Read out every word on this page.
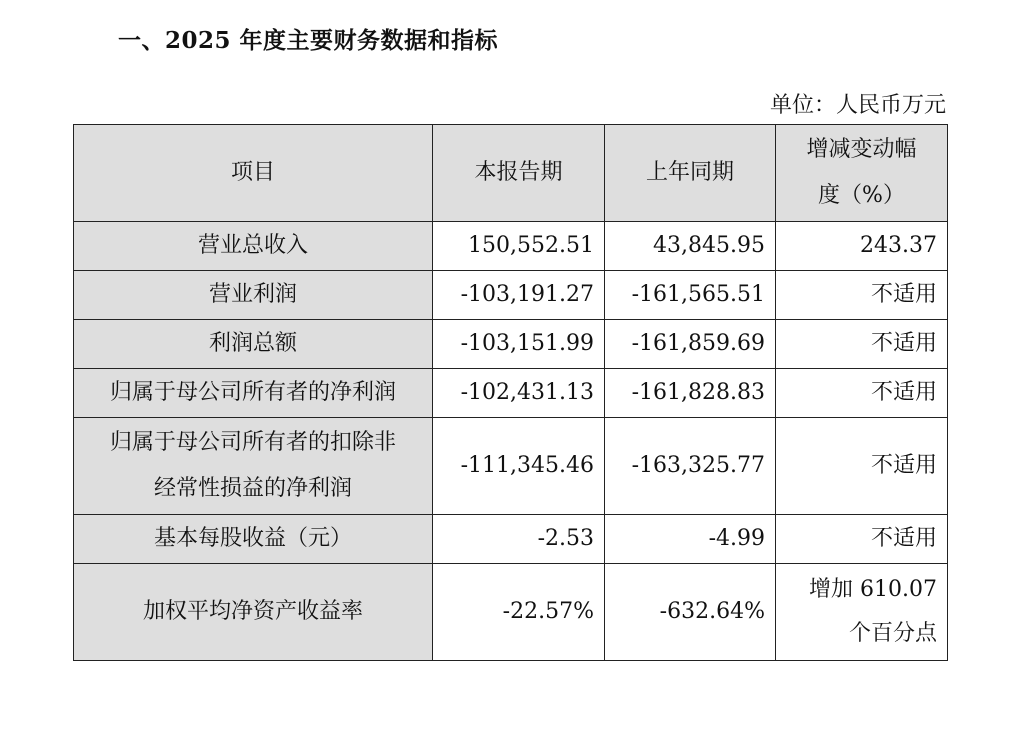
一、2025 年度主要财务数据和指标
单位：人民币万元
项目	本报告期	上年同期	增减变动幅
度（%）

营业总收入	150,552.51	43,845.95	243.37
营业利润	-103,191.27	-161,565.51	不适用
利润总额	-103,151.99	-161,859.69	不适用
归属于母公司所有者的净利润	-102,431.13	-161,828.83	不适用

归属于母公司所有者的扣除非
经常性损益的净利润	-111,345.46	-163,325.77	不适用
基本每股收益（元）	-2.53	-4.99	不适用
加权平均净资产收益率	-22.57%	-632.64%	增加 610.07
个百分点
